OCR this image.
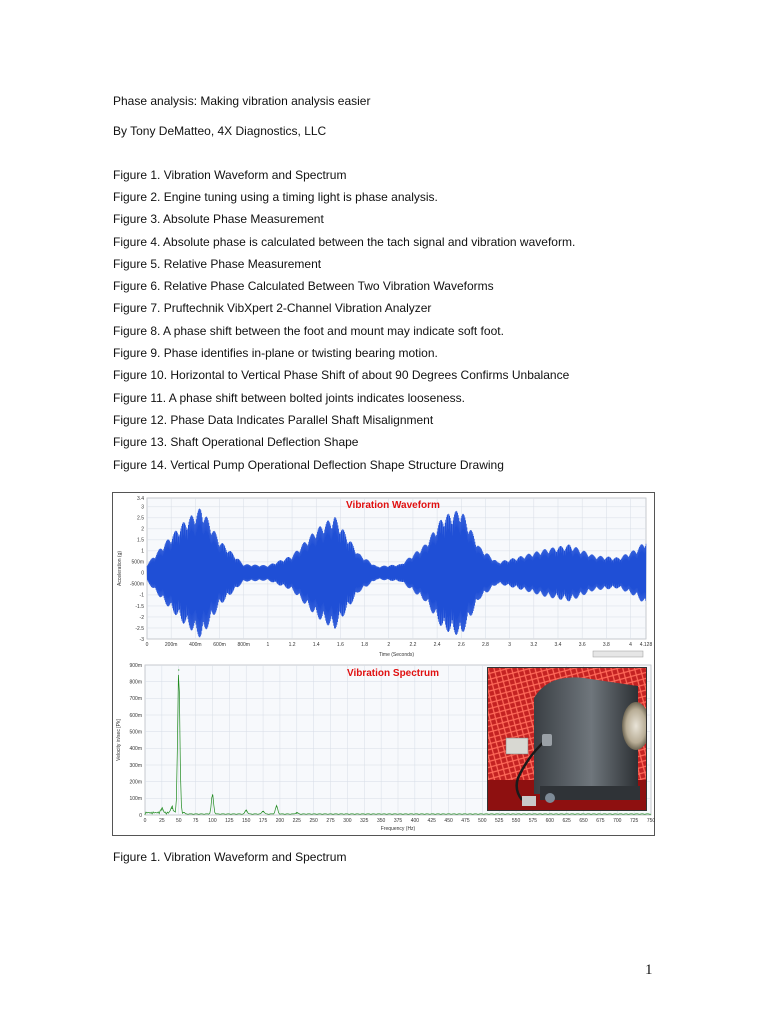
Phase analysis: Making vibration analysis easier
By Tony DeMatteo, 4X Diagnostics, LLC
Figure 1. Vibration Waveform and Spectrum
Figure 2. Engine tuning using a timing light is phase analysis.
Figure 3. Absolute Phase Measurement
Figure 4. Absolute phase is calculated between the tach signal and vibration waveform.
Figure 5. Relative Phase Measurement
Figure 6. Relative Phase Calculated Between Two Vibration Waveforms
Figure 7. Pruftechnik VibXpert 2-Channel Vibration Analyzer
Figure 8. A phase shift between the foot and mount may indicate soft foot.
Figure 9. Phase identifies in-plane or twisting bearing motion.
Figure 10. Horizontal to Vertical Phase Shift of about 90 Degrees Confirms Unbalance
Figure 11. A phase shift between bolted joints indicates looseness.
Figure 12. Phase Data Indicates Parallel Shaft Misalignment
Figure 13. Shaft Operational Deflection Shape
Figure 14. Vertical Pump Operational Deflection Shape Structure Drawing
3.4
3
2.5
2
1.5
1
500m
0
-500m
-1
-1.5
-2
-2.5
-3
0	200m 400m 600m 800m	1	1.2	1.4	1.6	1.8	2	2.2	2.4	2.6	2.8	3	3.2	3.4	3.6	3.8	4 4.128
Vibration Waveform
Time (Seconds)
Acceleration (g)
900m
800m
700m
600m
500m
400m
300m
200m
100m
0
0	25 50 75 100 125 150 175 200 225 250 275 300 325 350 375 400 425 450 475 500 525 550 575 600 625 650 675 700 725 750
Vibration Spectrum
Frequency (Hz)
Velocity in/sec [Pk]
Figure 1. Vibration Waveform and Spectrum
1
